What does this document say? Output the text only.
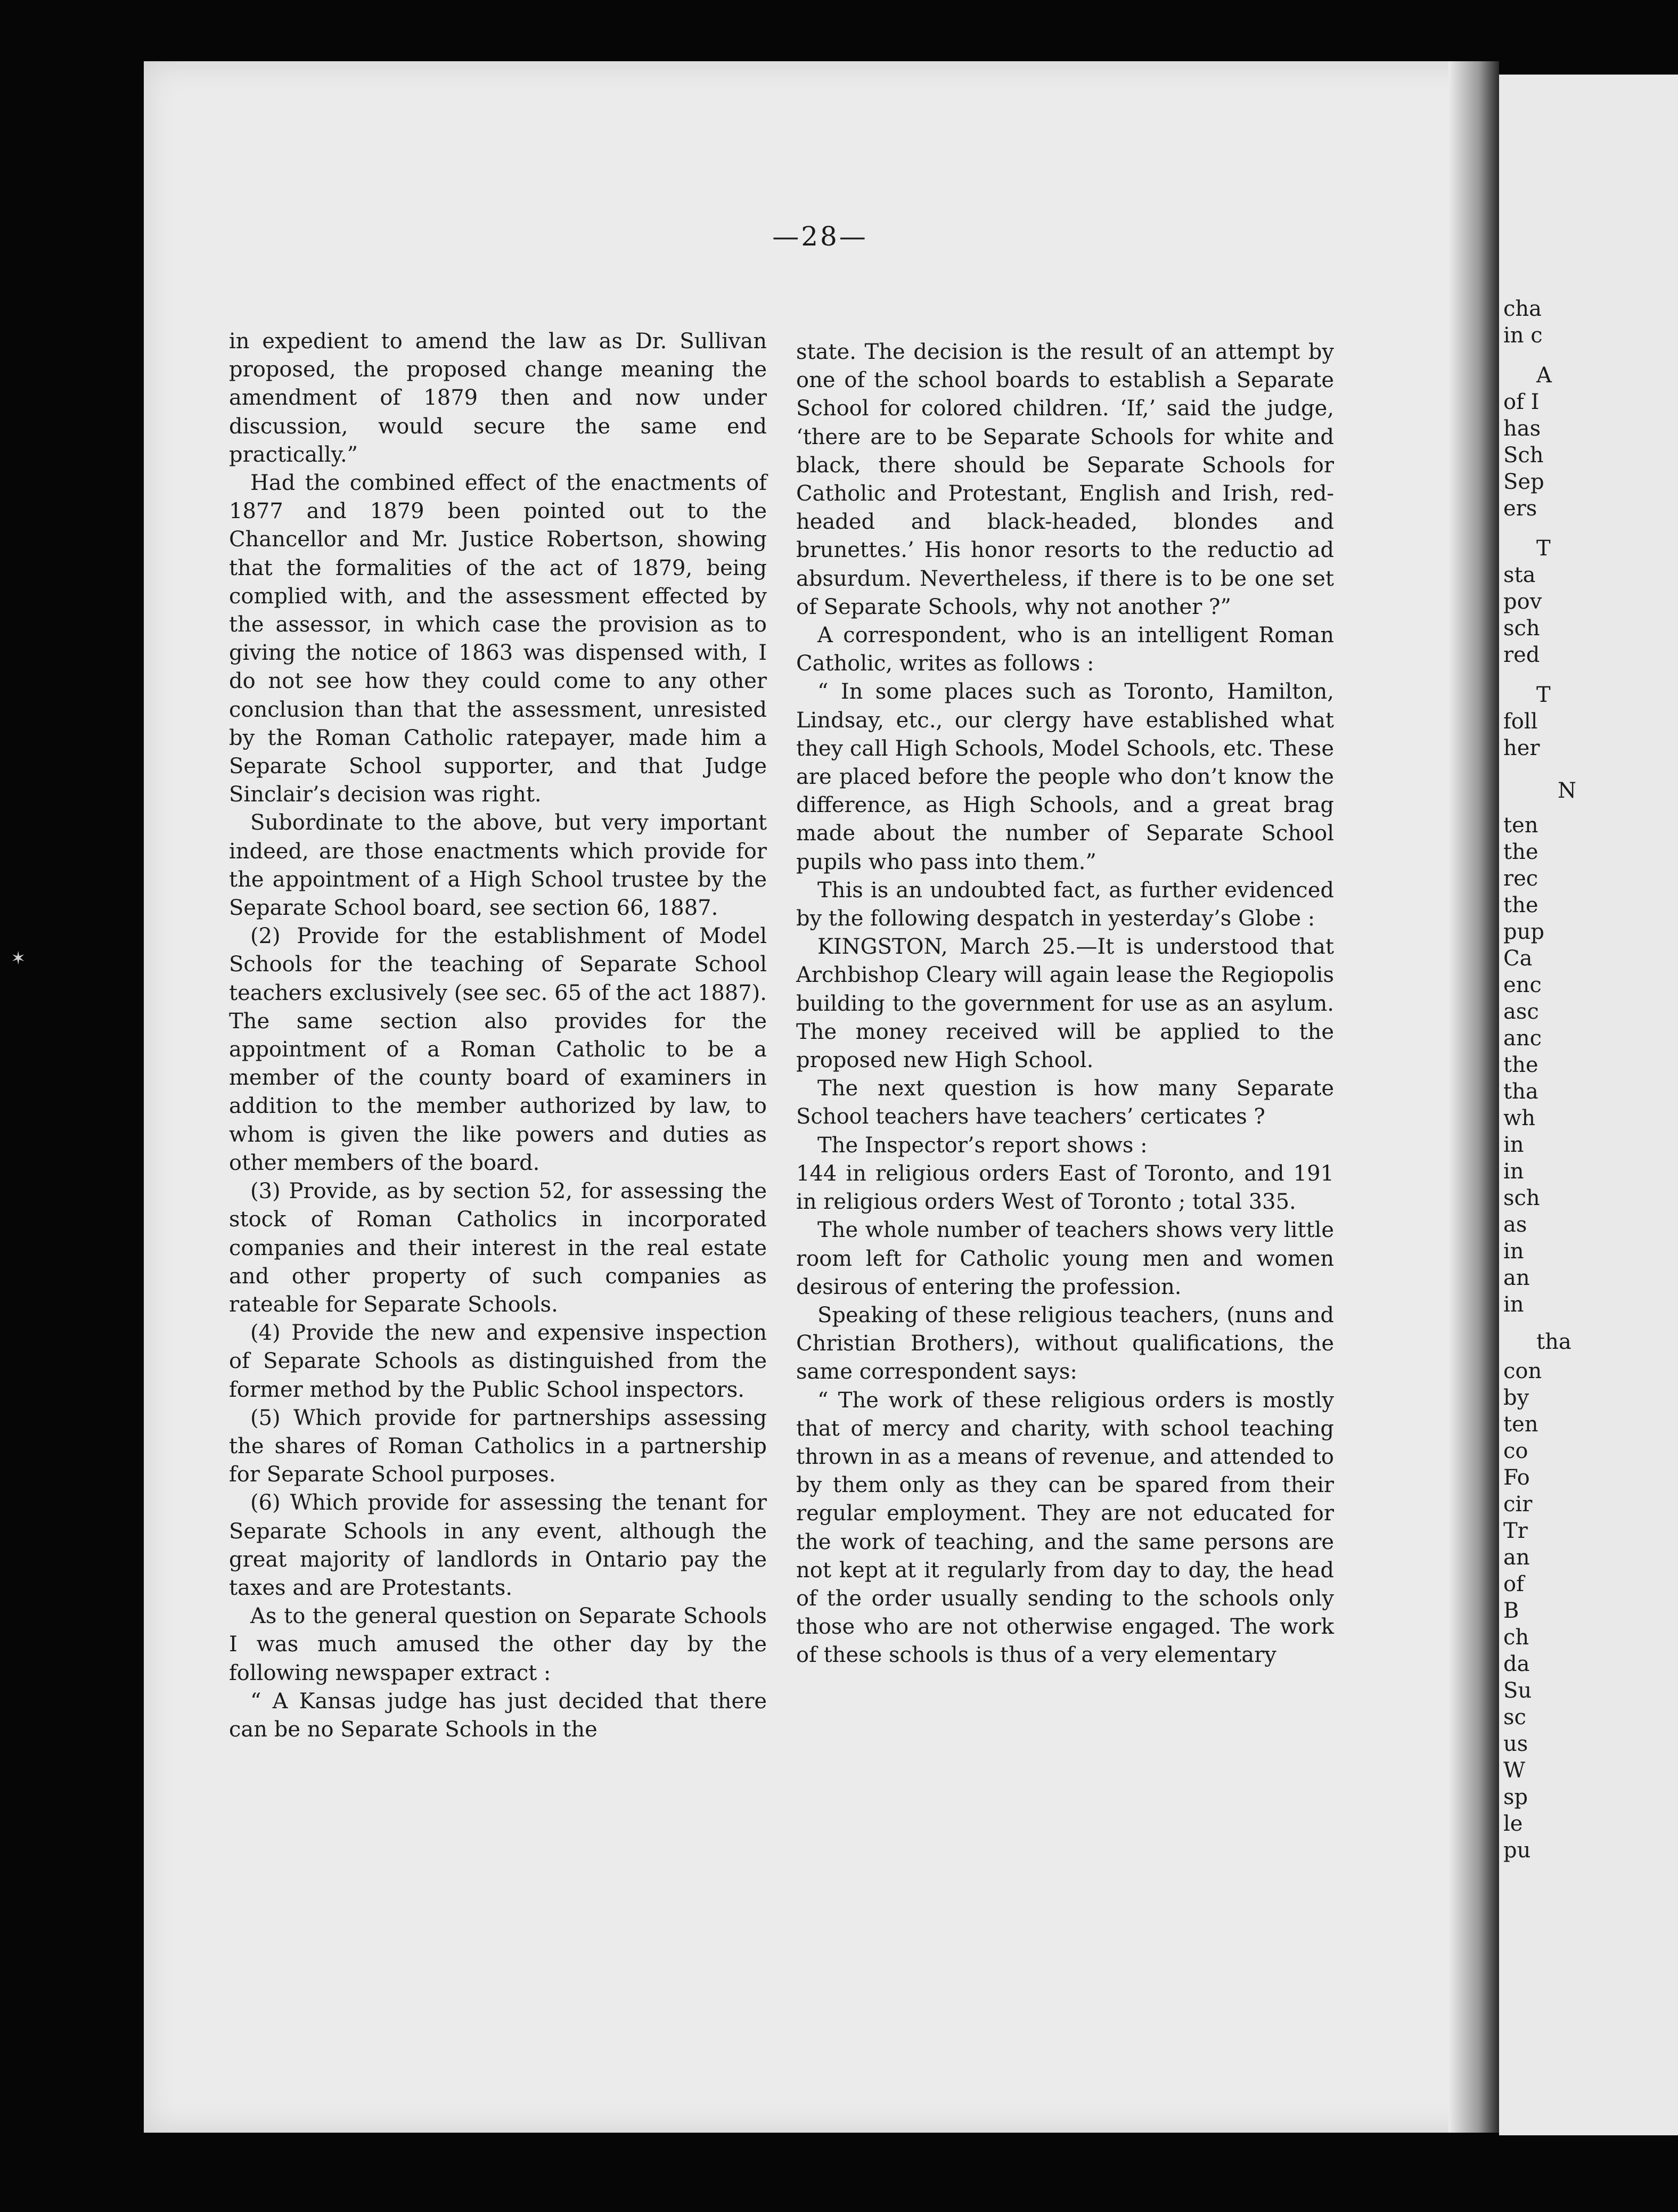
—28—

in expedient to amend the law as Dr. Sullivan proposed, the proposed change meaning the amendment of 1879 then and now under discussion, would secure the same end practically.”

Had the combined effect of the enactments of 1877 and 1879 been pointed out to the Chancellor and Mr. Justice Robertson, showing that the formalities of the act of 1879, being complied with, and the assessment effected by the assessor, in which case the provision as to giving the notice of 1863 was dispensed with, I do not see how they could come to any other conclusion than that the assessment, unresisted by the Roman Catholic ratepayer, made him a Separate School supporter, and that Judge Sinclair’s decision was right.

Subordinate to the above, but very important indeed, are those enactments which provide for the appointment of a High School trustee by the Separate School board, see section 66, 1887.

(2) Provide for the establishment of Model Schools for the teaching of Separate School teachers exclusively (see sec. 65 of the act 1887). The same section also provides for the appointment of a Roman Catholic to be a member of the county board of examiners in addition to the member authorized by law, to whom is given the like powers and duties as other members of the board.

(3) Provide, as by section 52, for assessing the stock of Roman Catholics in incorporated companies and their interest in the real estate and other property of such companies as rateable for Separate Schools.

(4) Provide the new and expensive inspection of Separate Schools as distinguished from the former method by the Public School inspectors.

(5) Which provide for partnerships assessing the shares of Roman Catholics in a partnership for Separate School purposes.

(6) Which provide for assessing the tenant for Separate Schools in any event, although the great majority of landlords in Ontario pay the taxes and are Protestants.

As to the general question on Separate Schools I was much amused the other day by the following newspaper extract :

“ A Kansas judge has just decided that there can be no Separate Schools in the

state. The decision is the result of an attempt by one of the school boards to establish a Separate School for colored children. ‘If,’ said the judge, ‘there are to be Separate Schools for white and black, there should be Separate Schools for Catholic and Protestant, English and Irish, red-headed and black-headed, blondes and brunettes.’ His honor resorts to the reductio ad absurdum. Nevertheless, if there is to be one set of Separate Schools, why not another ?”

A correspondent, who is an intelligent Roman Catholic, writes as follows :

“ In some places such as Toronto, Hamilton, Lindsay, etc., our clergy have established what they call High Schools, Model Schools, etc. These are placed before the people who don’t know the difference, as High Schools, and a great brag made about the number of Separate School pupils who pass into them.”

This is an undoubted fact, as further evidenced by the following despatch in yesterday’s Globe :

KINGSTON, March 25.—It is understood that Archbishop Cleary will again lease the Regiopolis building to the government for use as an asylum. The money received will be applied to the proposed new High School.

The next question is how many Separate School teachers have teachers’ certicates ?

The Inspector’s report shows :

144 in religious orders East of Toronto, and 191 in religious orders West of Toronto ; total 335.

The whole number of teachers shows very little room left for Catholic young men and women desirous of entering the profession.

Speaking of these religious teachers, (nuns and Christian Brothers), without qualifications, the same correspondent says:

“ The work of these religious orders is mostly that of mercy and charity, with school teaching thrown in as a means of revenue, and attended to by them only as they can be spared from their regular employment. They are not educated for the work of teaching, and the same persons are not kept at it regularly from day to day, the head of the order usually sending to the schools only those who are not otherwise engaged. The work of these schools is thus of a very elementary

cha
in c
A
of I
has
Sch
Sep
ers
T
sta
pov
sch
red
T
foll
her
N
ten
the
rec
the
pup
Ca
enc
asc
anc
the
tha
wh
in
in
sch
as
in
an
in
tha
con
by
ten
co
Fo
cir
Tr
an
of
B
ch
da
Su
sc
us
W
sp
le
pu
✶
